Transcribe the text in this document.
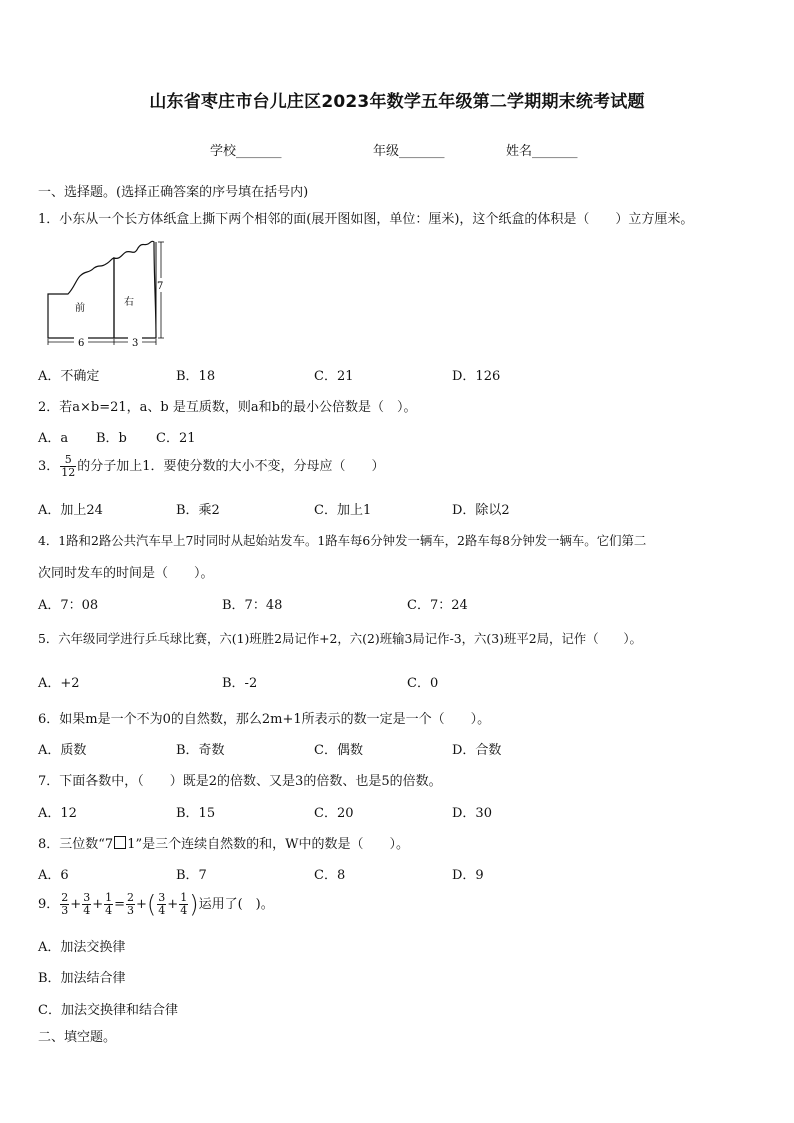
山东省枣庄市台儿庄区2023年数学五年级第二学期期末统考试题
学校_______	年级_______	姓名_______
一、选择题。(选择正确答案的序号填在括号内)
1．小东从一个长方体纸盒上撕下两个相邻的面(展开图如图，单位：厘米)，这个纸盒的体积是（　　）立方厘米。
前
右
6	3
7
A．不确定	B．18	C．21	D．126
2．若a×b=21，a、b 是互质数，则a和b的最小公倍数是（　）。
A．a B．b C．21
3． $\frac{5}{12}$ 的分子加上1．要使分数的大小不变，分母应（　　）
A．加上24	B．乘2	C．加上1	D．除以2
4．1路和2路公共汽车早上7时同时从起始站发车。1路车每6分钟发一辆车，2路车每8分钟发一辆车。它们第二
次同时发车的时间是（　　）。
A．7：08	B．7：48	C．7：24
5．六年级同学进行乒乓球比赛，六(1)班胜2局记作+2，六(2)班输3局记作-3，六(3)班平2局，记作（　　）。
A．+2	B．-2	C．0
6．如果m是一个不为0的自然数，那么2m+1所表示的数一定是一个（　　）。
A．质数	B．奇数	C．偶数	D．合数
7．下面各数中，（　　）既是2的倍数、又是3的倍数、也是5的倍数。
A．12	B．15	C．20	D．30
8．三位数“7 1”是三个连续自然数的和，W中的数是（　　）。
A．6	B．7	C．8	D．9
9． $\frac{2}{3} + \frac{3}{4} + \frac{1}{4} = \frac{2}{3}$ +( $\frac{3}{4} + \frac{1}{4}$ )运用了(　)。
A．加法交换律
B．加法结合律
C．加法交换律和结合律
二、填空题。
